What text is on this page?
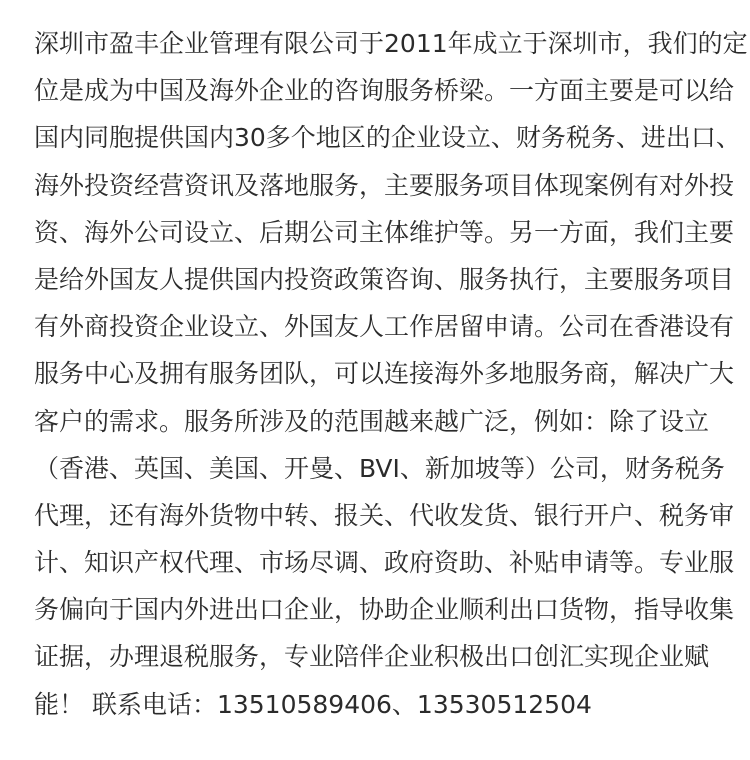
深圳市盈丰企业管理有限公司于2011年成立于深圳市，我们的定
位是成为中国及海外企业的咨询服务桥梁。一方面主要是可以给
国内同胞提供国内30多个地区的企业设立、财务税务、进出口、
海外投资经营资讯及落地服务，主要服务项目体现案例有对外投
资、海外公司设立、后期公司主体维护等。另一方面，我们主要
是给外国友人提供国内投资政策咨询、服务执行，主要服务项目
有外商投资企业设立、外国友人工作居留申请。公司在香港设有
服务中心及拥有服务团队，可以连接海外多地服务商，解决广大
客户的需求。服务所涉及的范围越来越广泛，例如：除了设立
（香港、英国、美国、开曼、BVI、新加坡等）公司，财务税务
代理，还有海外货物中转、报关、代收发货、银行开户、税务审
计、知识产权代理、市场尽调、政府资助、补贴申请等。专业服
务偏向于国内外进出口企业，协助企业顺利出口货物，指导收集
证据，办理退税服务，专业陪伴企业积极出口创汇实现企业赋
能！ 联系电话：13510589406、13530512504
